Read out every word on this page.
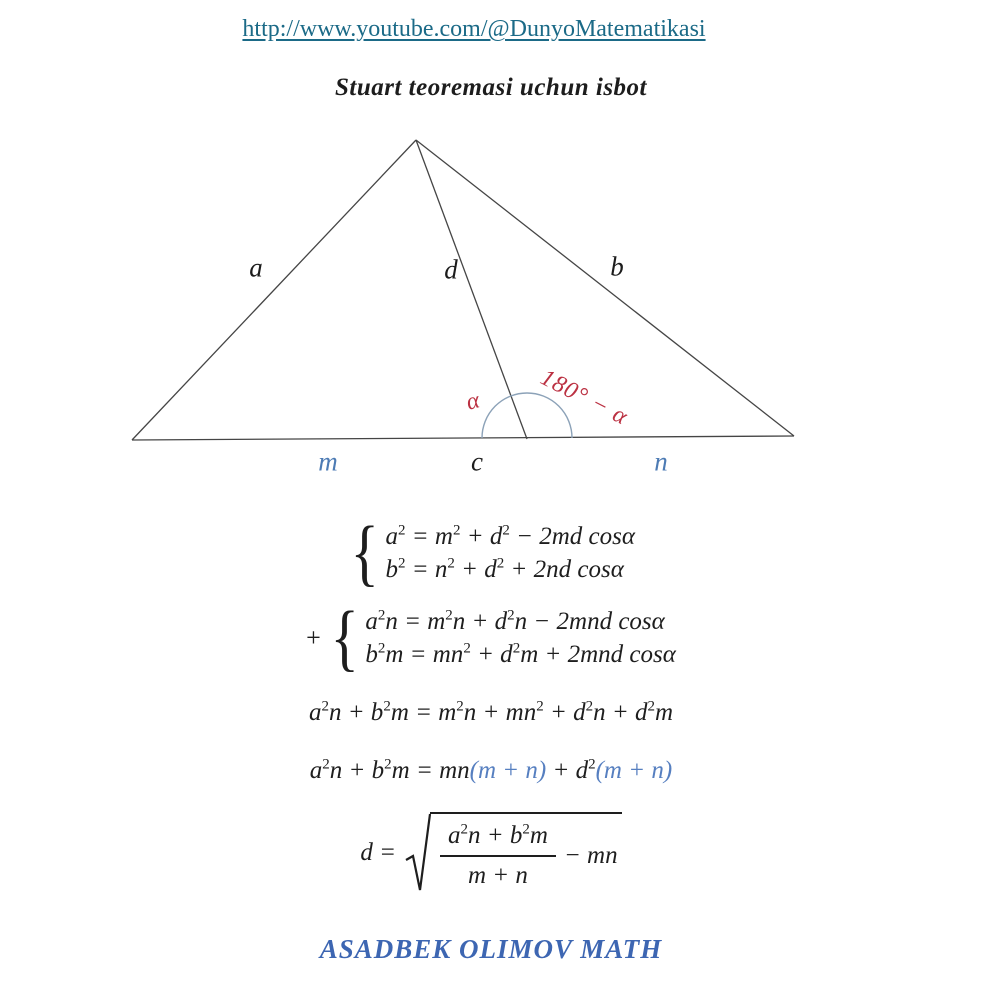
http://www.youtube.com/@DunyoMatematikasi
Stuart teoremasi uchun isbot
a	d	b
α 180° − α
m	c	n
{ $a^2 = m^2 + d^2 - 2md$ cosα
$b^2 = n^2 + d^2 + 2nd$ cosα
+ { $a^2n = m^2n + d^2n - 2mnd$ cosα
$b^2m = mn^2 + d^2m + 2mnd$ cosα
$a^2n + b^2m = m^2n + mn^2 + d^2n + d^2m$
$a^2n + b^2m = mn(m + n) + d^2(m + n)$
$d = \frac{a^2n + b^2m}{m + n}$ − mn
ASADBEK OLIMOV MATH
